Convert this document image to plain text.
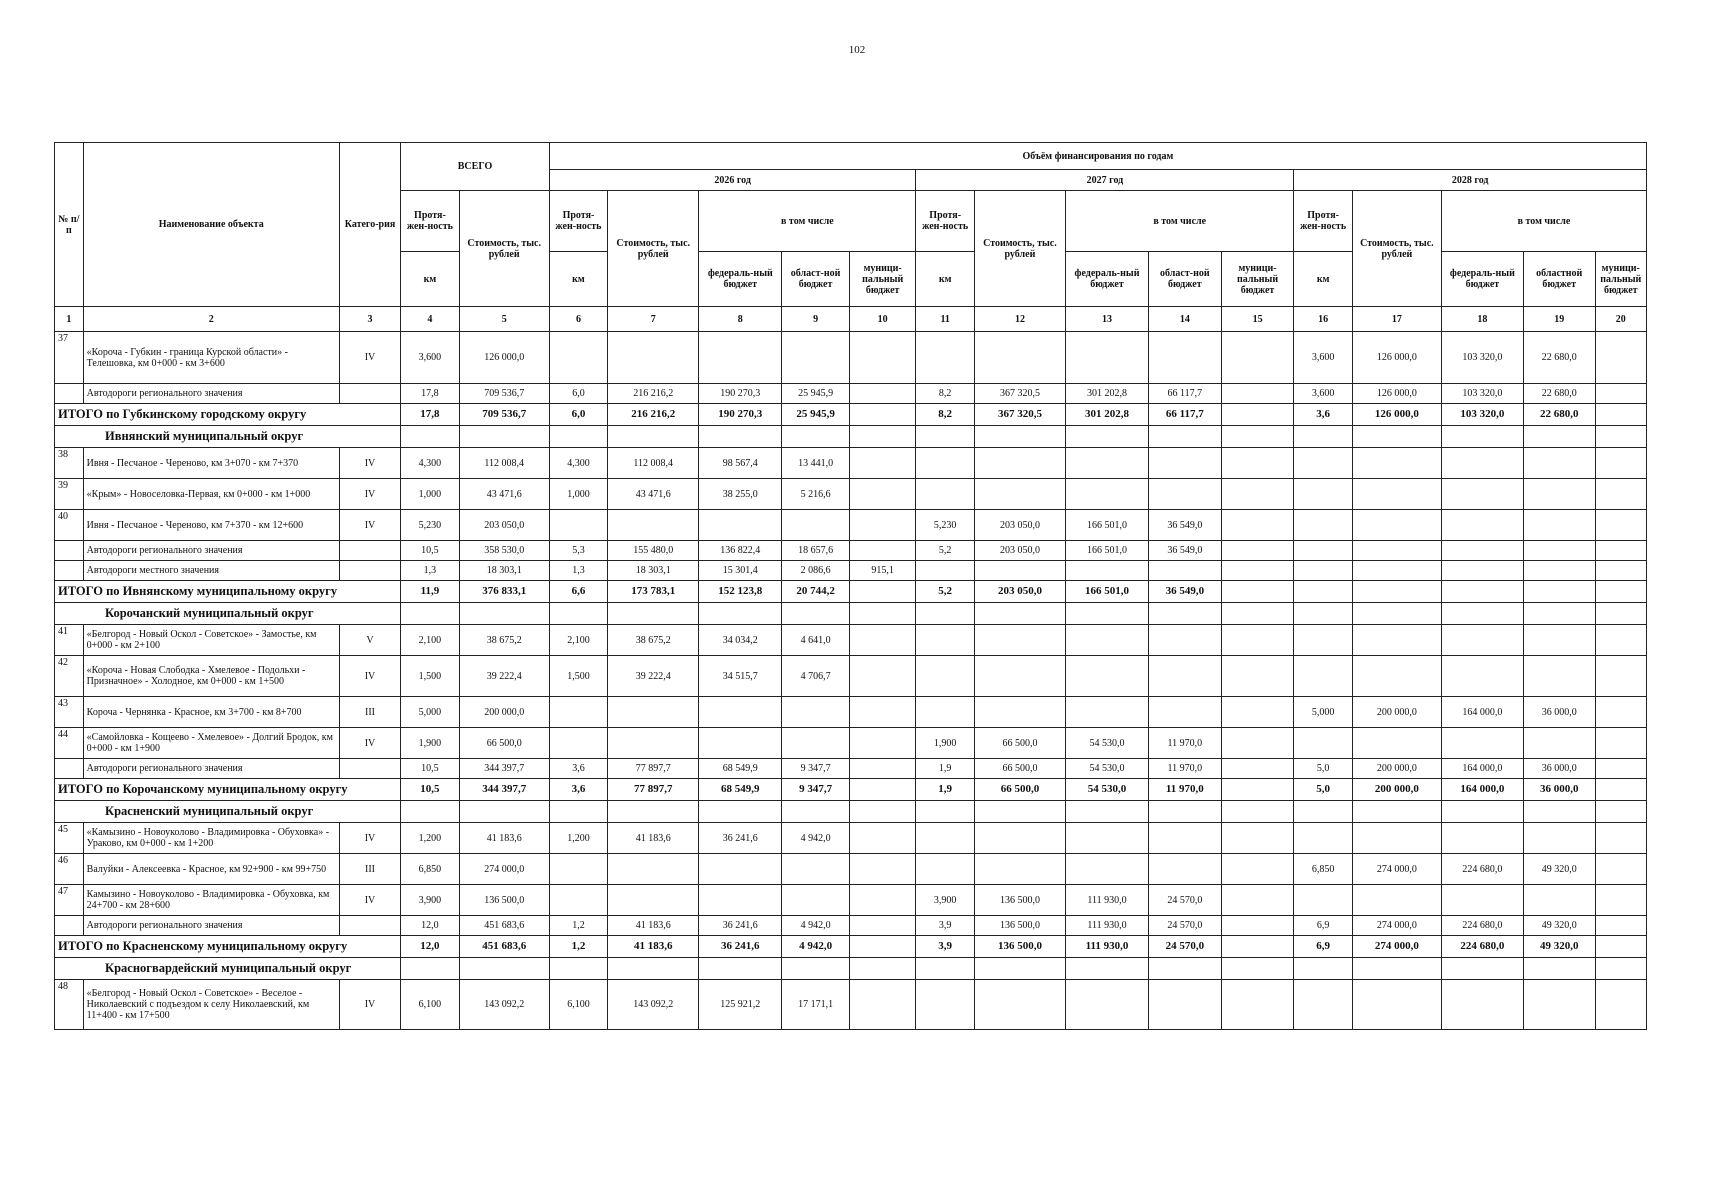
102
№ п/п	Наименование объекта	Катего-рия	ВСЕГО		Объём финансирования по годам														
					2026 год					2027 год					2028 год				
			Протя-жен-ность	Стоимость, тыс. рублей	Протя-жен-ность	Стоимость, тыс. рублей	в том числе			Протя-жен-ность	Стоимость, тыс. рублей	в том числе			Протя-жен-ность	Стоимость, тыс. рублей	в том числе		
			км		км		федераль-ный бюджет	област-ной бюджет	муници-пальный бюджет	км		федераль-ный бюджет	област-ной бюджет	муници-пальный бюджет	км		федераль-ный бюджет	областной бюджет	муници-пальный бюджет
1	2	3	4	5	6	7	8	9	10	11	12	13	14	15	16	17	18	19	20
37	«Короча - Губкин - граница Курской области» - Телешовка, км 0+000 - км 3+600	IV	3,600	126 000,0											3,600	126 000,0	103 320,0	22 680,0	
	Автодороги регионального значения		17,8	709 536,7	6,0	216 216,2	190 270,3	25 945,9		8,2	367 320,5	301 202,8	66 117,7		3,600	126 000,0	103 320,0	22 680,0	
ИТОГО по Губкинскому городскому округу			17,8	709 536,7	6,0	216 216,2	190 270,3	25 945,9		8,2	367 320,5	301 202,8	66 117,7		3,6	126 000,0	103 320,0	22 680,0	
Ивнянский муниципальный округ																			
38	Ивня - Песчаное - Череново, км 3+070 - км 7+370	IV	4,300	112 008,4	4,300	112 008,4	98 567,4	13 441,0											
39	«Крым» - Новоселовка-Первая, км 0+000 - км 1+000	IV	1,000	43 471,6	1,000	43 471,6	38 255,0	5 216,6											
40	Ивня - Песчаное - Череново, км 7+370 - км 12+600	IV	5,230	203 050,0						5,230	203 050,0	166 501,0	36 549,0						
	Автодороги регионального значения		10,5	358 530,0	5,3	155 480,0	136 822,4	18 657,6		5,2	203 050,0	166 501,0	36 549,0						
	Автодороги местного значения		1,3	18 303,1	1,3	18 303,1	15 301,4	2 086,6	915,1										
ИТОГО по Ивнянскому муниципальному округу			11,9	376 833,1	6,6	173 783,1	152 123,8	20 744,2		5,2	203 050,0	166 501,0	36 549,0						
Корочанский муниципальный округ																			
41	«Белгород - Новый Оскол - Советское» - Замостье, км 0+000 - км 2+100	V	2,100	38 675,2	2,100	38 675,2	34 034,2	4 641,0											
42	«Короча - Новая Слободка - Хмелевое - Подольхи - Призначное» - Холодное, км 0+000 - км 1+500	IV	1,500	39 222,4	1,500	39 222,4	34 515,7	4 706,7											
43	Короча - Чернянка - Красное, км 3+700 - км 8+700	III	5,000	200 000,0											5,000	200 000,0	164 000,0	36 000,0	
44	«Самойловка - Кощеево - Хмелевое» - Долгий Бродок, км 0+000 - км 1+900	IV	1,900	66 500,0						1,900	66 500,0	54 530,0	11 970,0						
	Автодороги регионального значения		10,5	344 397,7	3,6	77 897,7	68 549,9	9 347,7		1,9	66 500,0	54 530,0	11 970,0		5,0	200 000,0	164 000,0	36 000,0	
ИТОГО по Корочанскому муниципальному округу			10,5	344 397,7	3,6	77 897,7	68 549,9	9 347,7		1,9	66 500,0	54 530,0	11 970,0		5,0	200 000,0	164 000,0	36 000,0	
Красненский муниципальный округ																			
45	«Камызино - Новоуколово - Владимировка - Обуховка» - Ураково, км 0+000 - км 1+200	IV	1,200	41 183,6	1,200	41 183,6	36 241,6	4 942,0											
46	Валуйки - Алексеевка - Красное, км 92+900 - км 99+750	III	6,850	274 000,0											6,850	274 000,0	224 680,0	49 320,0	
47	Камызино - Новоуколово - Владимировка - Обуховка, км 24+700 - км 28+600	IV	3,900	136 500,0						3,900	136 500,0	111 930,0	24 570,0						
	Автодороги регионального значения		12,0	451 683,6	1,2	41 183,6	36 241,6	4 942,0		3,9	136 500,0	111 930,0	24 570,0		6,9	274 000,0	224 680,0	49 320,0	
ИТОГО по Красненскому муниципальному округу			12,0	451 683,6	1,2	41 183,6	36 241,6	4 942,0		3,9	136 500,0	111 930,0	24 570,0		6,9	274 000,0	224 680,0	49 320,0	
Красногвардейский муниципальный округ																			
48	«Белгород - Новый Оскол - Советское» - Веселое - Николаевский с подъездом к селу Николаевский, км 11+400 - км 17+500	IV	6,100	143 092,2	6,100	143 092,2	125 921,2	17 171,1											
